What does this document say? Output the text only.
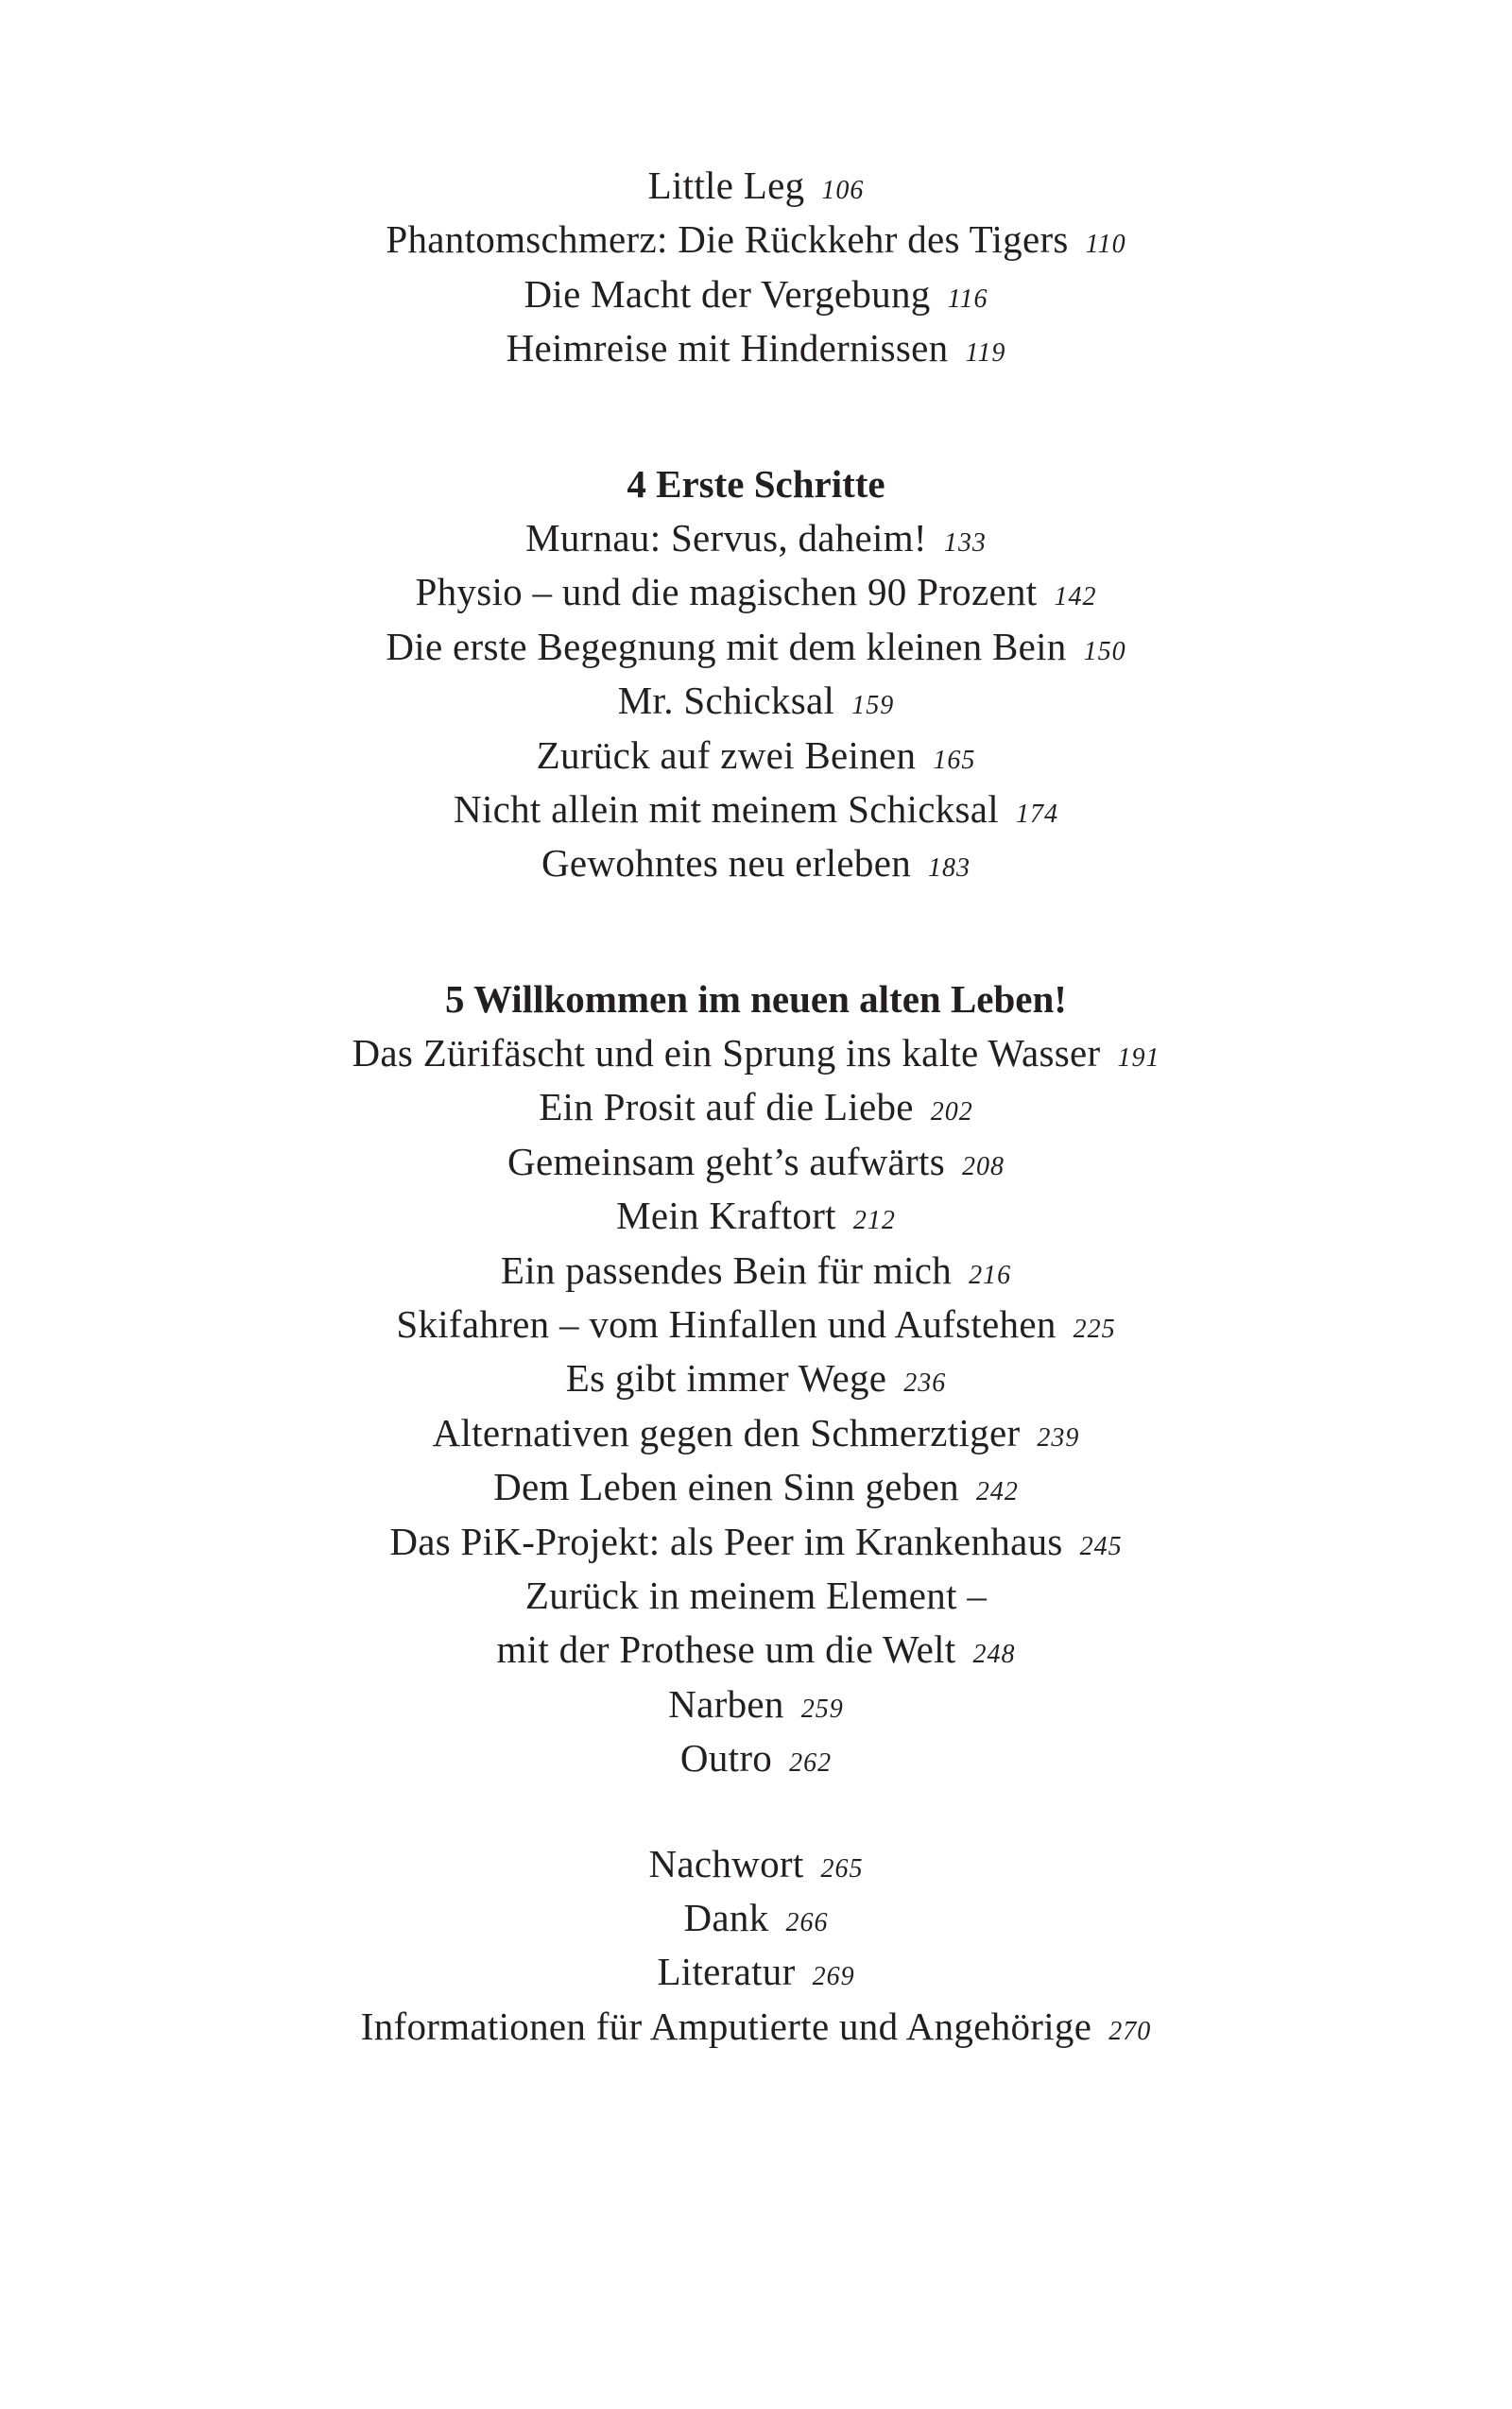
Little Leg 106
Phantomschmerz: Die Rückkehr des Tigers 110
Die Macht der Vergebung 116
Heimreise mit Hindernissen 119
4 Erste Schritte
Murnau: Servus, daheim! 133
Physio – und die magischen 90 Prozent 142
Die erste Begegnung mit dem kleinen Bein 150
Mr. Schicksal 159
Zurück auf zwei Beinen 165
Nicht allein mit meinem Schicksal 174
Gewohntes neu erleben 183
5 Willkommen im neuen alten Leben!
Das Zürifäscht und ein Sprung ins kalte Wasser 191
Ein Prosit auf die Liebe 202
Gemeinsam geht’s aufwärts 208
Mein Kraftort 212
Ein passendes Bein für mich 216
Skifahren – vom Hinfallen und Aufstehen 225
Es gibt immer Wege 236
Alternativen gegen den Schmerztiger 239
Dem Leben einen Sinn geben 242
Das PiK-Projekt: als Peer im Krankenhaus 245
Zurück in meinem Element –
mit der Prothese um die Welt 248
Narben 259
Outro 262
Nachwort 265
Dank 266
Literatur 269
Informationen für Amputierte und Angehörige 270
